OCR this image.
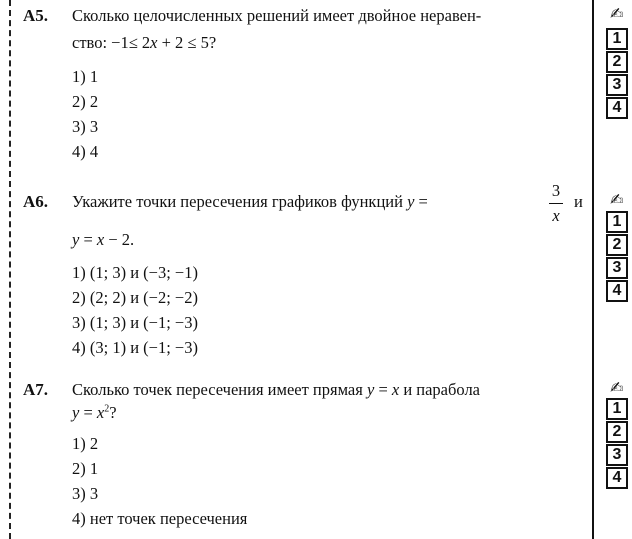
A5. Сколько целочисленных решений имеет двойное нерaвен-
ство: −1≤ 2x + 2 ≤ 5?
1) 1
2) 2
3) 3
4) 4
✍
1
2
3
4
A6. Укажите точки пересечения графиков функций y =
3
x
и
y = x − 2.
1) (1; 3) и (−3; −1)
2) (2; 2) и (−2; −2)
3) (1; 3) и (−1; −3)
4) (3; 1) и (−1; −3)
✍
1
2
3
4
A7. Сколько точек пересечения имеет прямая y = x и парабола
$y = x^2$?
1) 2
2) 1
3) 3
4) нет точек пересечения
✍
1
2
3
4
